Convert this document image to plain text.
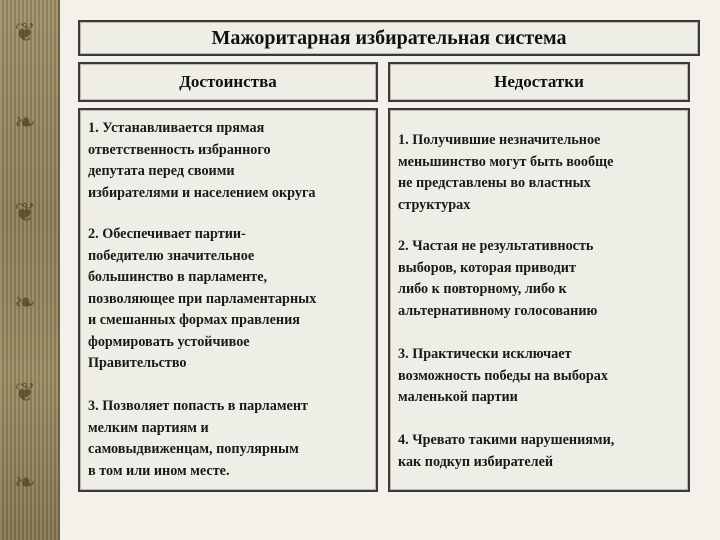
❦
❧
❦
❧
❦
❧
Мажоритарная избирательная система
Достоинства	Недостатки
1. Устанавливается прямая
ответственность избранного
депутата перед своими
избирателями и населением округа
2. Обеспечивает партии-
победителю значительное
большинство в парламенте,
позволяющее при парламентарных
и смешанных формах правления
формировать устойчивое
Правительство
3. Позволяет попасть в парламент
мелким партиям и
самовыдвиженцам, популярным
в том или ином месте.
1. Получившие незначительное
меньшинство могут быть вообще
не представлены во властных
структурах
2. Частая не результативность
выборов, которая приводит
либо к повторному, либо к
альтернативному голосованию
3. Практически исключает
возможность победы на выборах
маленькой партии
4. Чревато такими нарушениями,
как подкуп избирателей
